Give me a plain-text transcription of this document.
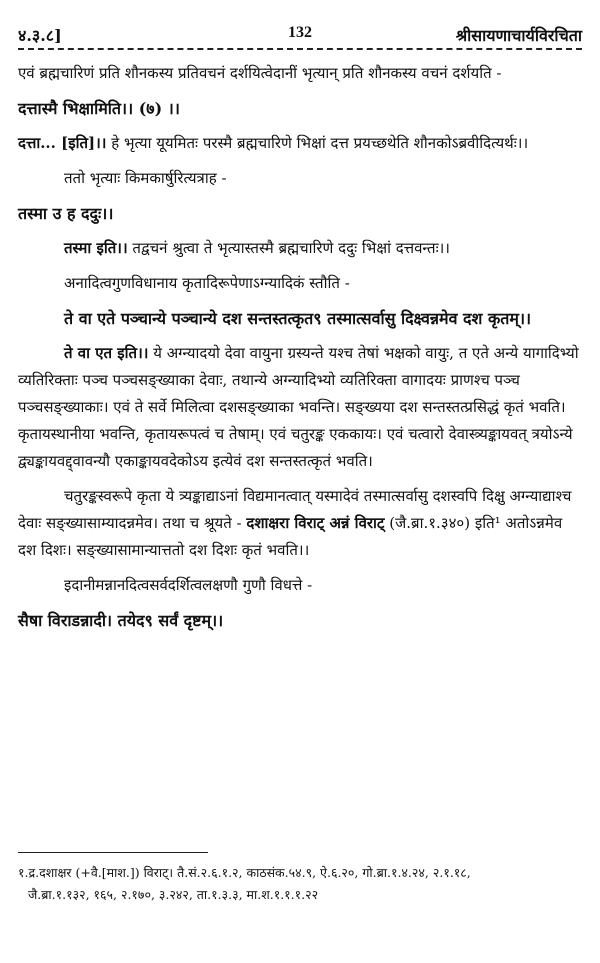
४.३.८]	132	श्रीसायणाचार्यविरचिता

एवं ब्रह्मचारिणं प्रति शौनकस्य प्रतिवचनं दर्शयित्वेदानीं भृत्यान् प्रति शौनकस्य वचनं दर्शयति -

दत्तास्मै भिक्षामिति।। (७) ।।

दत्ता... [इति]।। हे भृत्या यूयमितः परस्मै ब्रह्मचारिणे भिक्षां दत्त प्रयच्छथेति शौनकोऽब्रवीदित्यर्थः।।

ततो भृत्याः किमकार्षुरित्यत्राह -

तस्मा उ ह ददुः।।

तस्मा इति।। तद्वचनं श्रुत्वा ते भृत्यास्तस्मै ब्रह्मचारिणे ददुः भिक्षां दत्तवन्तः।।

अनादित्वगुणविधानाय कृतादिरूपेणाऽग्न्यादिकं स्तौति -

ते वा एते पञ्चान्ये पञ्चान्ये दश सन्तस्तत्कृत९ तस्मात्सर्वासु दिक्ष्वन्नमेव दश कृतम्।।

ते वा एत इति।। ये अग्न्यादयो देवा वायुना ग्रस्यन्ते यश्च तेषां भक्षको वायुः, त एते अन्ये यागादिभ्यो व्यतिरिक्ताः पञ्च पञ्चसङ्ख्याका देवाः, तथान्ये अग्न्यादिभ्यो व्यतिरिक्ता वागादयः प्राणश्च पञ्च पञ्चसङ्ख्याकाः। एवं ते सर्वे मिलित्वा दशसङ्ख्याका भवन्ति। सङ्ख्यया दश सन्तस्तत्प्रसिद्धं कृतं भवति। कृतायस्थानीया भवन्ति, कृतायरूपत्वं च तेषाम्। एवं चतुरङ्क एककायः। एवं चत्वारो देवास्त्र्यङ्कायवत् त्रयोऽन्ये द्व्यङ्कायवद्द्वावन्यौ एकाङ्कायवदेकोऽय इत्येवं दश सन्तस्तत्कृतं भवति।

चतुरङ्कस्वरूपे कृता ये त्र्यङ्काद्याऽनां विद्यमानत्वात् यस्मादेवं तस्मात्सर्वासु दशस्वपि दिक्षु अग्न्याद्याश्च देवाः सङ्ख्यासाम्यादन्नमेव। तथा च श्रूयते - दशाक्षरा विराट् अन्नं विराट् (जै.ब्रा.१.३४०) इति¹ अतोऽन्नमेव दश दिशः। सङ्ख्यासामान्यात्ततो दश दिशः कृतं भवति।।

इदानीमन्नानदित्वसर्वदर्शित्वलक्षणौ गुणौ विधत्ते -

सैषा विराडन्नादी। तयेद९ सर्वं दृष्टम्।।

१.द्र.दशाक्षर (+वै.[माश.]) विराट्। तै.सं.२.६.१.२, काठसंक.५४.९, ऐ.६.२०, गो.ब्रा.१.४.२४, २.१.१८,

जै.ब्रा.१.१३२, १६५, २.१७०, ३.२४२, ता.१.३.३, मा.श.१.१.१.२२
